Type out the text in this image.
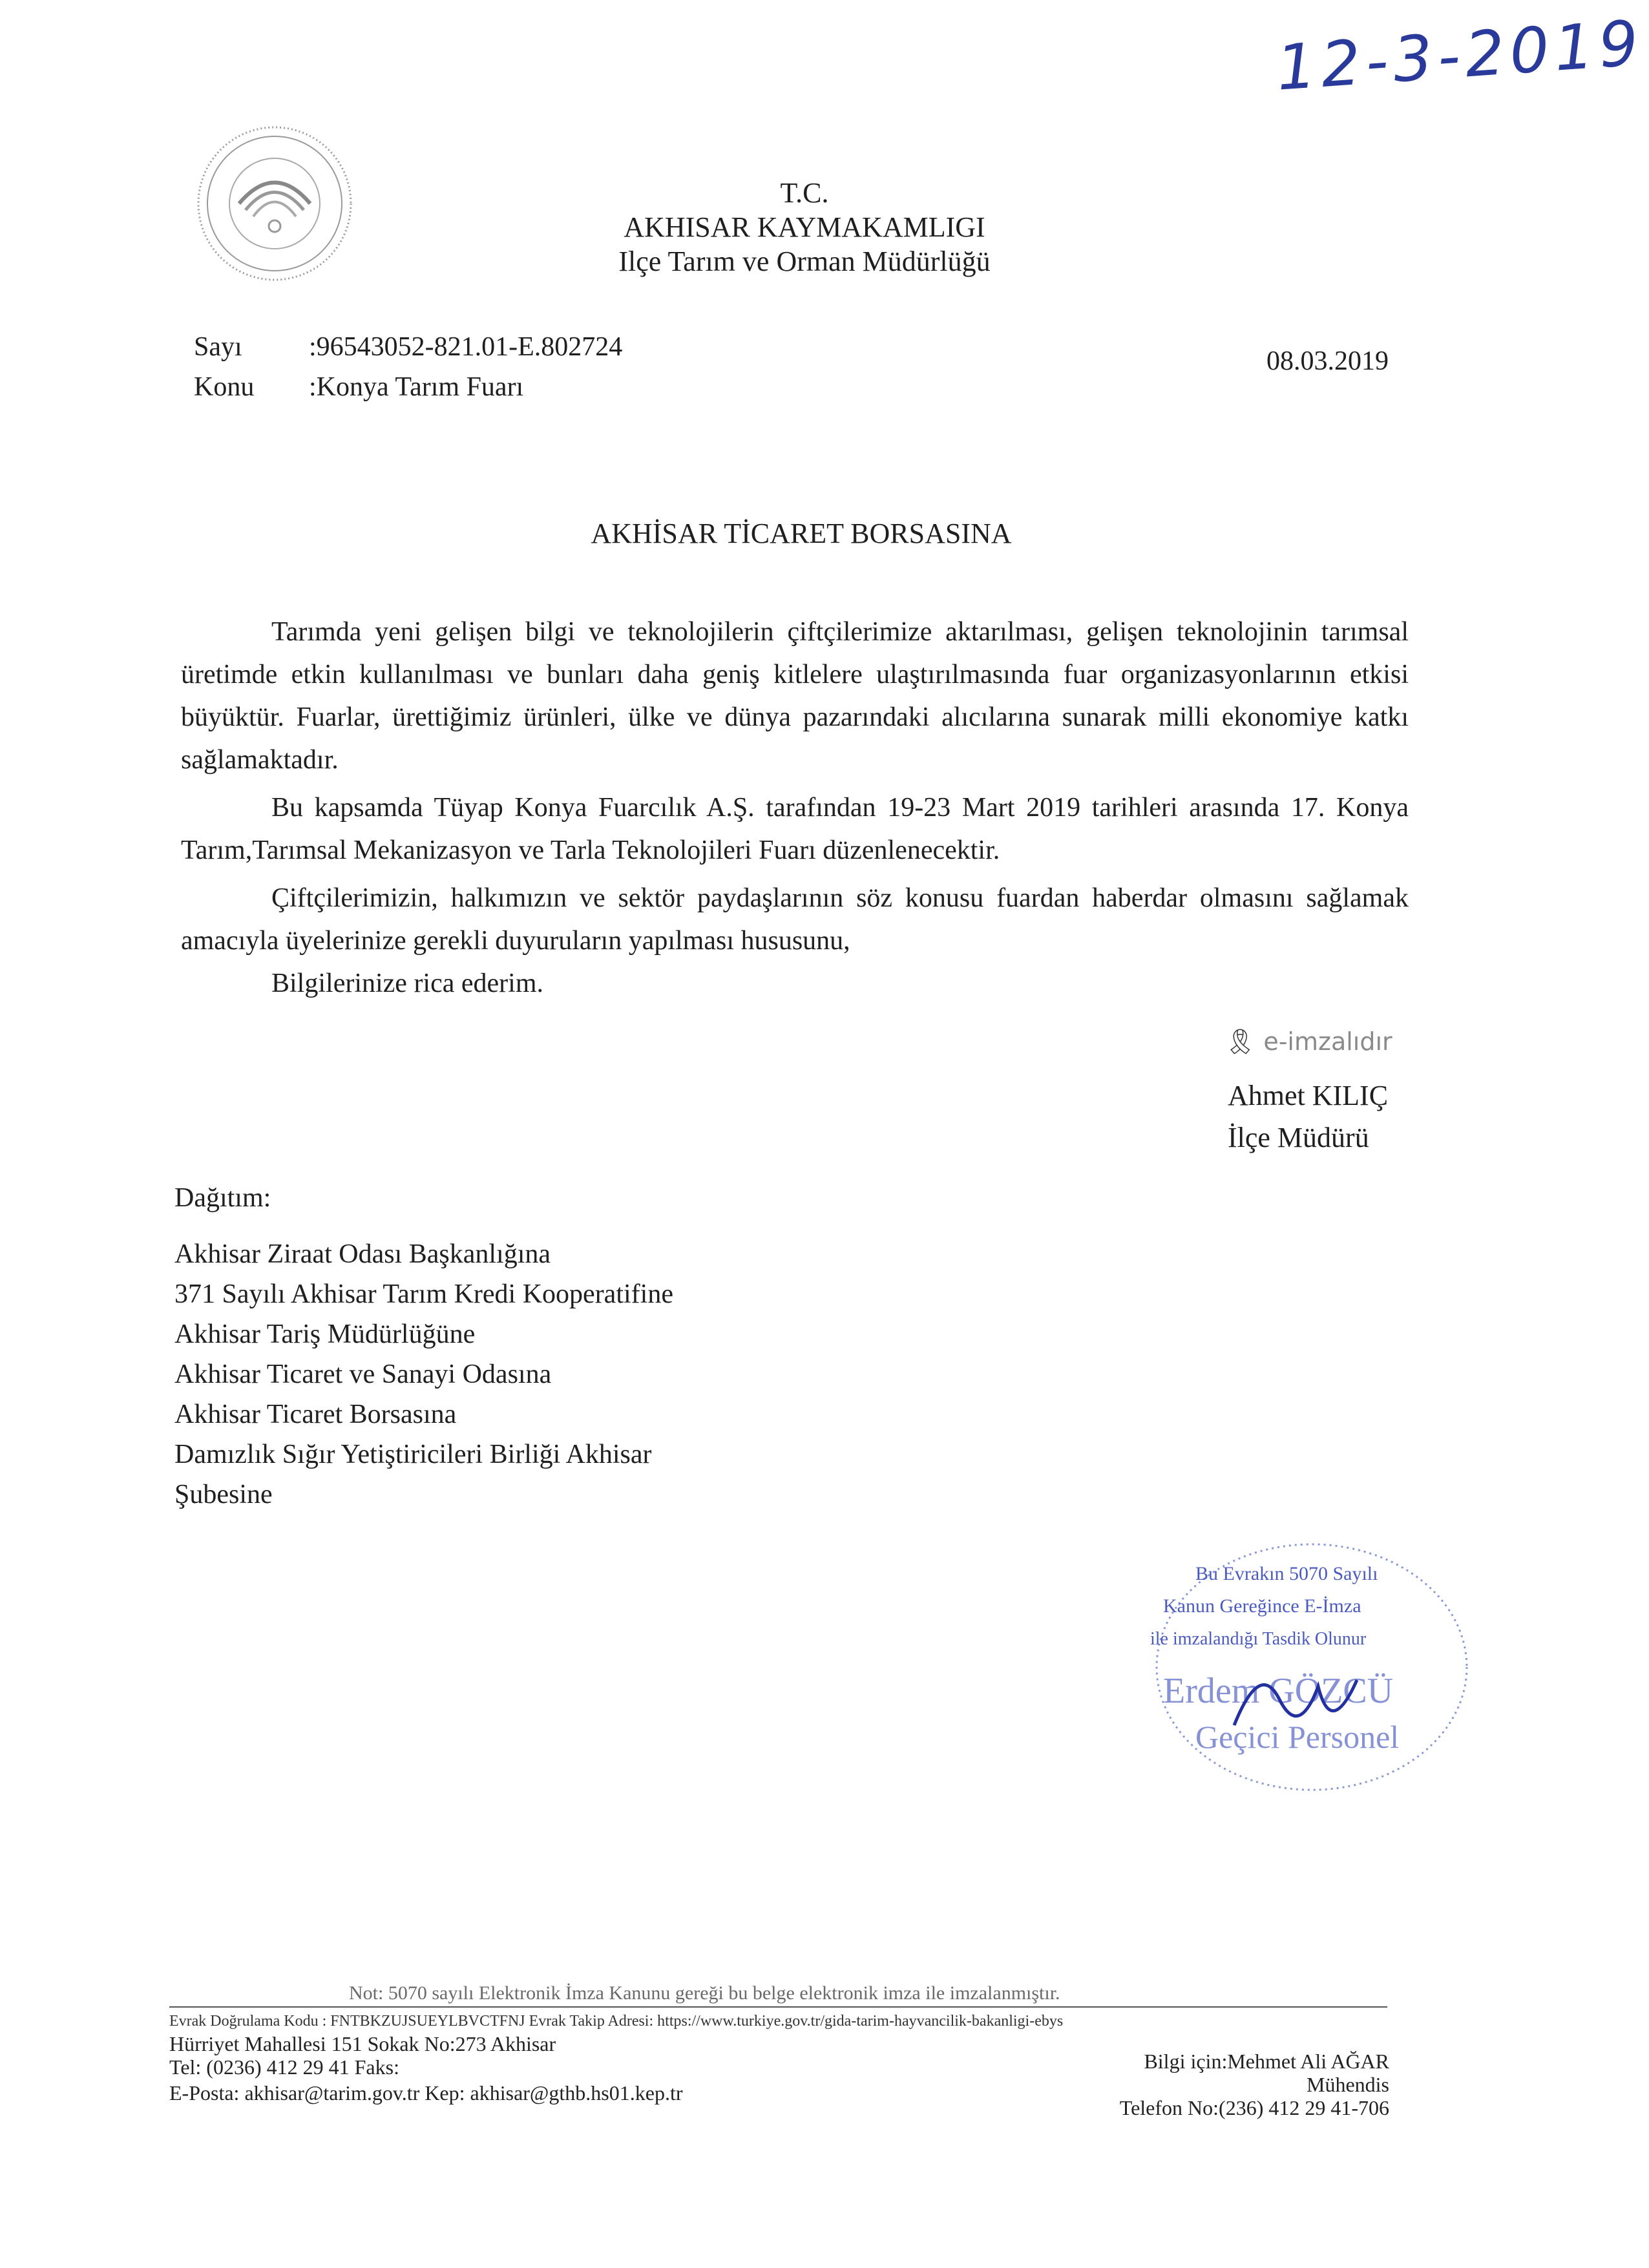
12-3-2019
T.C.
AKHISAR KAYMAKAMLIGI
Ilçe Tarım ve Orman Müdürlüğü
Sayı :96543052-821.01-E.802724
Konu :Konya Tarım Fuarı
08.03.2019
AKHİSAR TİCARET BORSASINA

Tarımda yeni gelişen bilgi ve teknolojilerin çiftçilerimize aktarılması, gelişen teknolojinin tarımsal üretimde etkin kullanılması ve bunları daha geniş kitlelere ulaştırılmasında fuar organizasyonlarının etkisi büyüktür. Fuarlar, ürettiğimiz ürünleri, ülke ve dünya pazarındaki alıcılarına sunarak milli ekonomiye katkı sağlamaktadır.

Bu kapsamda Tüyap Konya Fuarcılık A.Ş. tarafından 19-23 Mart 2019 tarihleri arasında 17. Konya Tarım,Tarımsal Mekanizasyon ve Tarla Teknolojileri Fuarı düzenlenecektir.

Çiftçilerimizin, halkımızın ve sektör paydaşlarının söz konusu fuardan haberdar olmasını sağlamak amacıyla üyelerinize gerekli duyuruların yapılması hususunu,

Bilgilerinize rica ederim.

🎗 e-imzalıdır
Ahmet KILIÇ
İlçe Müdürü
Dağıtım:
Akhisar Ziraat Odası Başkanlığına
371 Sayılı Akhisar Tarım Kredi Kooperatifine
Akhisar Tariş Müdürlüğüne
Akhisar Ticaret ve Sanayi Odasına
Akhisar Ticaret Borsasına
Damızlık Sığır Yetiştiricileri Birliği Akhisar
Şubesine
Bu Evrakın 5070 Sayılı
Kanun Gereğince E-İmza
ile imzalandığı Tasdik Olunur
Erdem GÖZCÜ
Geçici Personel
Not: 5070 sayılı Elektronik İmza Kanunu gereği bu belge elektronik imza ile imzalanmıştır.
Evrak Doğrulama Kodu : FNTBKZUJSUEYLBVCTFNJ Evrak Takip Adresi: https://www.turkiye.gov.tr/gida-tarim-hayvancilik-bakanligi-ebys
Hürriyet Mahallesi 151 Sokak No:273 Akhisar
Tel: (0236) 412 29 41 Faks:
E-Posta: akhisar@tarim.gov.tr Kep: akhisar@gthb.hs01.kep.tr
Bilgi için:Mehmet Ali AĞAR
Mühendis
Telefon No:(236) 412 29 41-706
